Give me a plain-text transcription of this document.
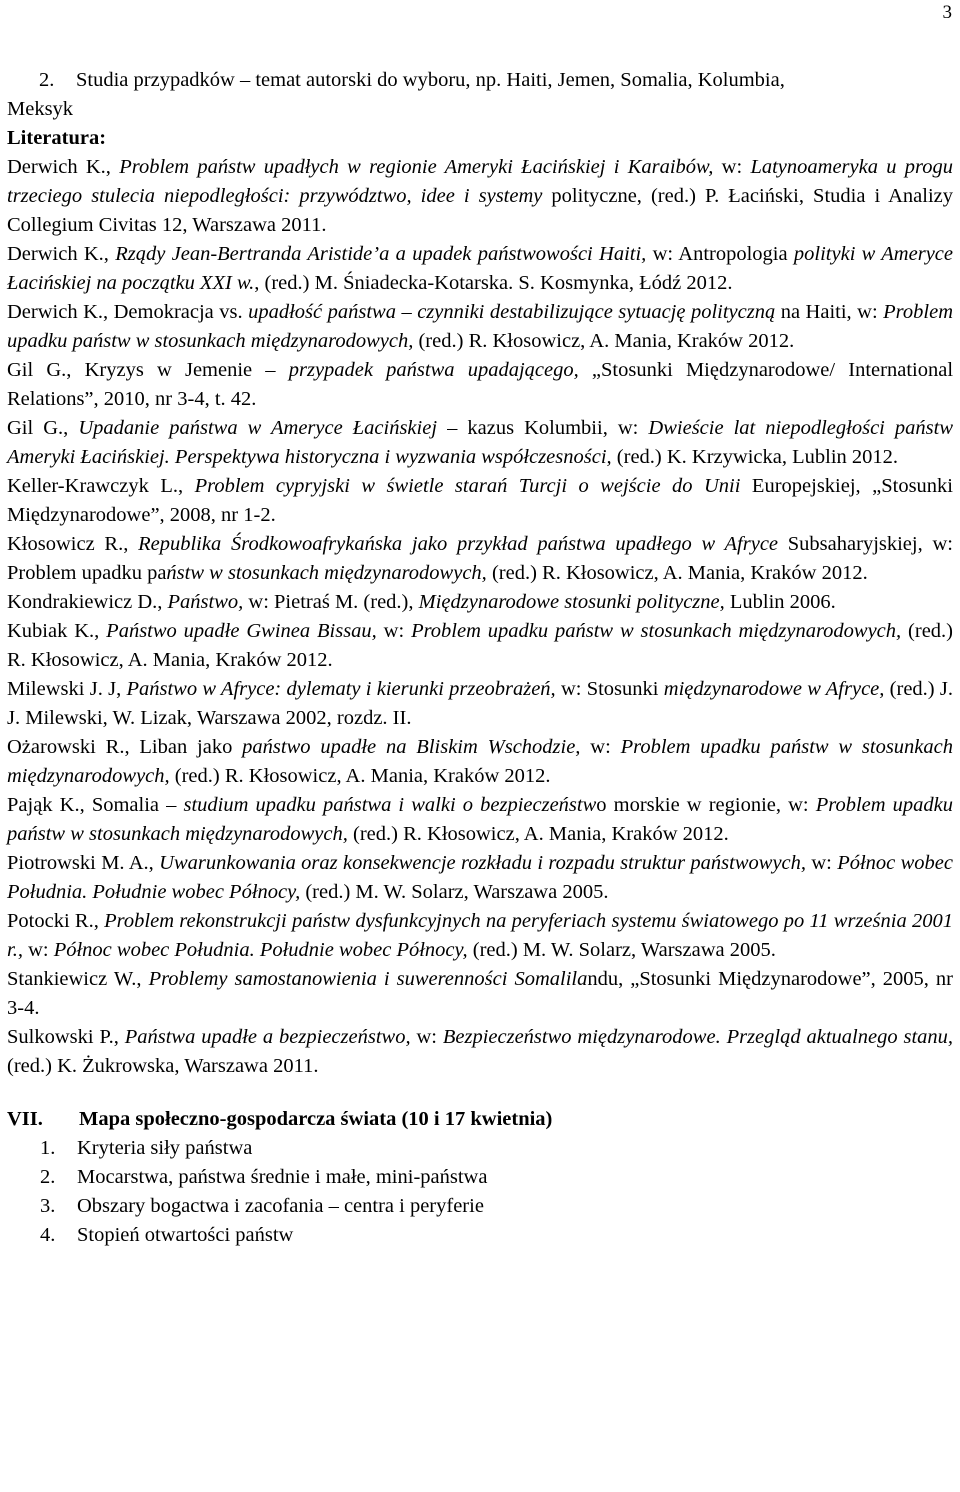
3
2.	Studia przypadków – temat autorski do wyboru, np. Haiti, Jemen, Somalia, Kolumbia,
Meksyk
Literatura:
Derwich K., Problem państw upadłych w regionie Ameryki Łacińskiej i Karaibów, w: Latynoameryka u progu trzeciego stulecia niepodległości: przywództwo, idee i systemy polityczne, (red.) P. Łaciński, Studia i Analizy Collegium Civitas 12, Warszawa 2011.
Derwich K., Rządy Jean-Bertranda Aristide’a a upadek państwowości Haiti, w: Antropologia polityki w Ameryce Łacińskiej na początku XXI w., (red.) M. Śniadecka-Kotarska. S. Kosmynka, Łódź 2012.
Derwich K., Demokracja vs. upadłość państwa – czynniki destabilizujące sytuację polityczną na Haiti, w: Problem upadku państw w stosunkach międzynarodowych, (red.) R. Kłosowicz, A. Mania, Kraków 2012.
Gil G., Kryzys w Jemenie – przypadek państwa upadającego, „Stosunki Międzynarodowe/ International Relations”, 2010, nr 3-4, t. 42.
Gil G., Upadanie państwa w Ameryce Łacińskiej – kazus Kolumbii, w: Dwieście lat niepodległości państw Ameryki Łacińskiej. Perspektywa historyczna i wyzwania współczesności, (red.) K. Krzywicka, Lublin 2012.
Keller-Krawczyk L., Problem cypryjski w świetle starań Turcji o wejście do Unii Europejskiej, „Stosunki Międzynarodowe”, 2008, nr 1-2.
Kłosowicz R., Republika Środkowoafrykańska jako przykład państwa upadłego w Afryce Subsaharyjskiej, w: Problem upadku państw w stosunkach międzynarodowych, (red.) R. Kłosowicz, A. Mania, Kraków 2012.
Kondrakiewicz D., Państwo, w: Pietraś M. (red.), Międzynarodowe stosunki polityczne, Lublin 2006.
Kubiak K., Państwo upadłe Gwinea Bissau, w: Problem upadku państw w stosunkach międzynarodowych, (red.) R. Kłosowicz, A. Mania, Kraków 2012.
Milewski J. J, Państwo w Afryce: dylematy i kierunki przeobrażeń, w: Stosunki międzynarodowe w Afryce, (red.) J. J. Milewski, W. Lizak, Warszawa 2002, rozdz. II.
Ożarowski R., Liban jako państwo upadłe na Bliskim Wschodzie, w: Problem upadku państw w stosunkach międzynarodowych, (red.) R. Kłosowicz, A. Mania, Kraków 2012.
Pająk K., Somalia – studium upadku państwa i walki o bezpieczeństwo morskie w regionie, w: Problem upadku państw w stosunkach międzynarodowych, (red.) R. Kłosowicz, A. Mania, Kraków 2012.
Piotrowski M. A., Uwarunkowania oraz konsekwencje rozkładu i rozpadu struktur państwowych, w: Północ wobec Południa. Południe wobec Północy, (red.) M. W. Solarz, Warszawa 2005.
Potocki R., Problem rekonstrukcji państw dysfunkcyjnych na peryferiach systemu światowego po 11 września 2001 r., w: Północ wobec Południa. Południe wobec Północy, (red.) M. W. Solarz, Warszawa 2005.
Stankiewicz W., Problemy samostanowienia i suwerenności Somalilandu, „Stosunki Międzynarodowe”, 2005, nr 3-4.
Sulkowski P., Państwa upadłe a bezpieczeństwo, w: Bezpieczeństwo międzynarodowe. Przegląd aktualnego stanu, (red.) K. Żukrowska, Warszawa 2011.
VII.	Mapa społeczno-gospodarcza świata (10 i 17 kwietnia)
1.	Kryteria siły państwa
2.	Mocarstwa, państwa średnie i małe, mini-państwa
3.	Obszary bogactwa i zacofania – centra i peryferie
4.	Stopień otwartości państw
